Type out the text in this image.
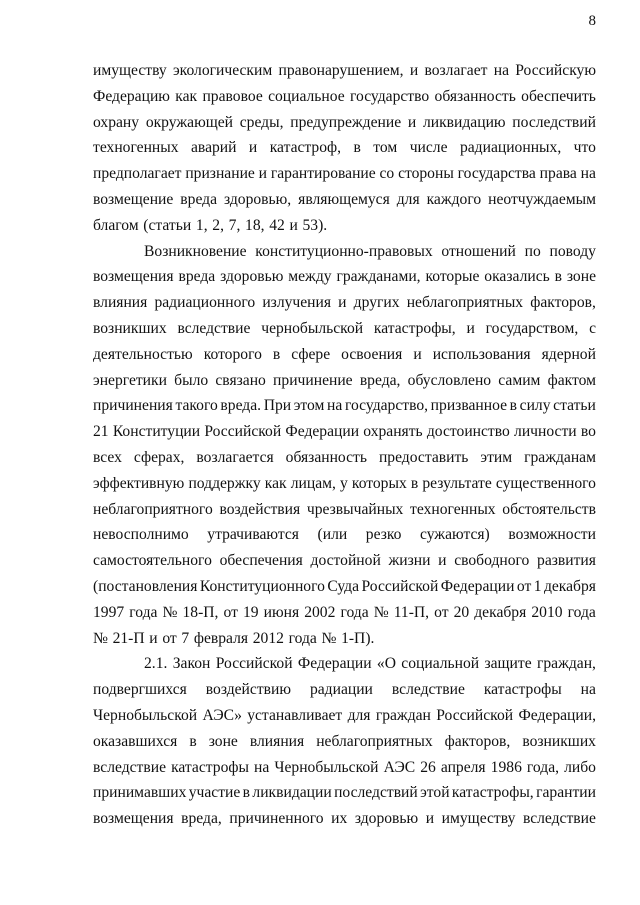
8
имуществу экологическим правонарушением, и возлагает на Российскую
Федерацию как правовое социальное государство обязанность обеспечить
охрану окружающей среды, предупреждение и ликвидацию последствий
техногенных аварий и катастроф, в том числе радиационных, что
предполагает признание и гарантирование со стороны государства права на
возмещение вреда здоровью, являющемуся для каждого неотчуждаемым
благом (статьи 1, 2, 7, 18, 42 и 53).
Возникновение конституционно-правовых отношений по поводу
возмещения вреда здоровью между гражданами, которые оказались в зоне
влияния радиационного излучения и других неблагоприятных факторов,
возникших вследствие чернобыльской катастрофы, и государством, с
деятельностью которого в сфере освоения и использования ядерной
энергетики было связано причинение вреда, обусловлено самим фактом
причинения такого вреда. При этом на государство, призванное в силу статьи
21 Конституции Российской Федерации охранять достоинство личности во
всех сферах, возлагается обязанность предоставить этим гражданам
эффективную поддержку как лицам, у которых в результате существенного
неблагоприятного воздействия чрезвычайных техногенных обстоятельств
невосполнимо утрачиваются (или резко сужаются) возможности
самостоятельного обеспечения достойной жизни и свободного развития
(постановления Конституционного Суда Российской Федерации от 1 декабря
1997 года № 18-П, от 19 июня 2002 года № 11-П, от 20 декабря 2010 года
№ 21-П и от 7 февраля 2012 года № 1-П).
2.1. Закон Российской Федерации «О социальной защите граждан,
подвергшихся воздействию радиации вследствие катастрофы на
Чернобыльской АЭС» устанавливает для граждан Российской Федерации,
оказавшихся в зоне влияния неблагоприятных факторов, возникших
вследствие катастрофы на Чернобыльской АЭС 26 апреля 1986 года, либо
принимавших участие в ликвидации последствий этой катастрофы, гарантии
возмещения вреда, причиненного их здоровью и имуществу вследствие
